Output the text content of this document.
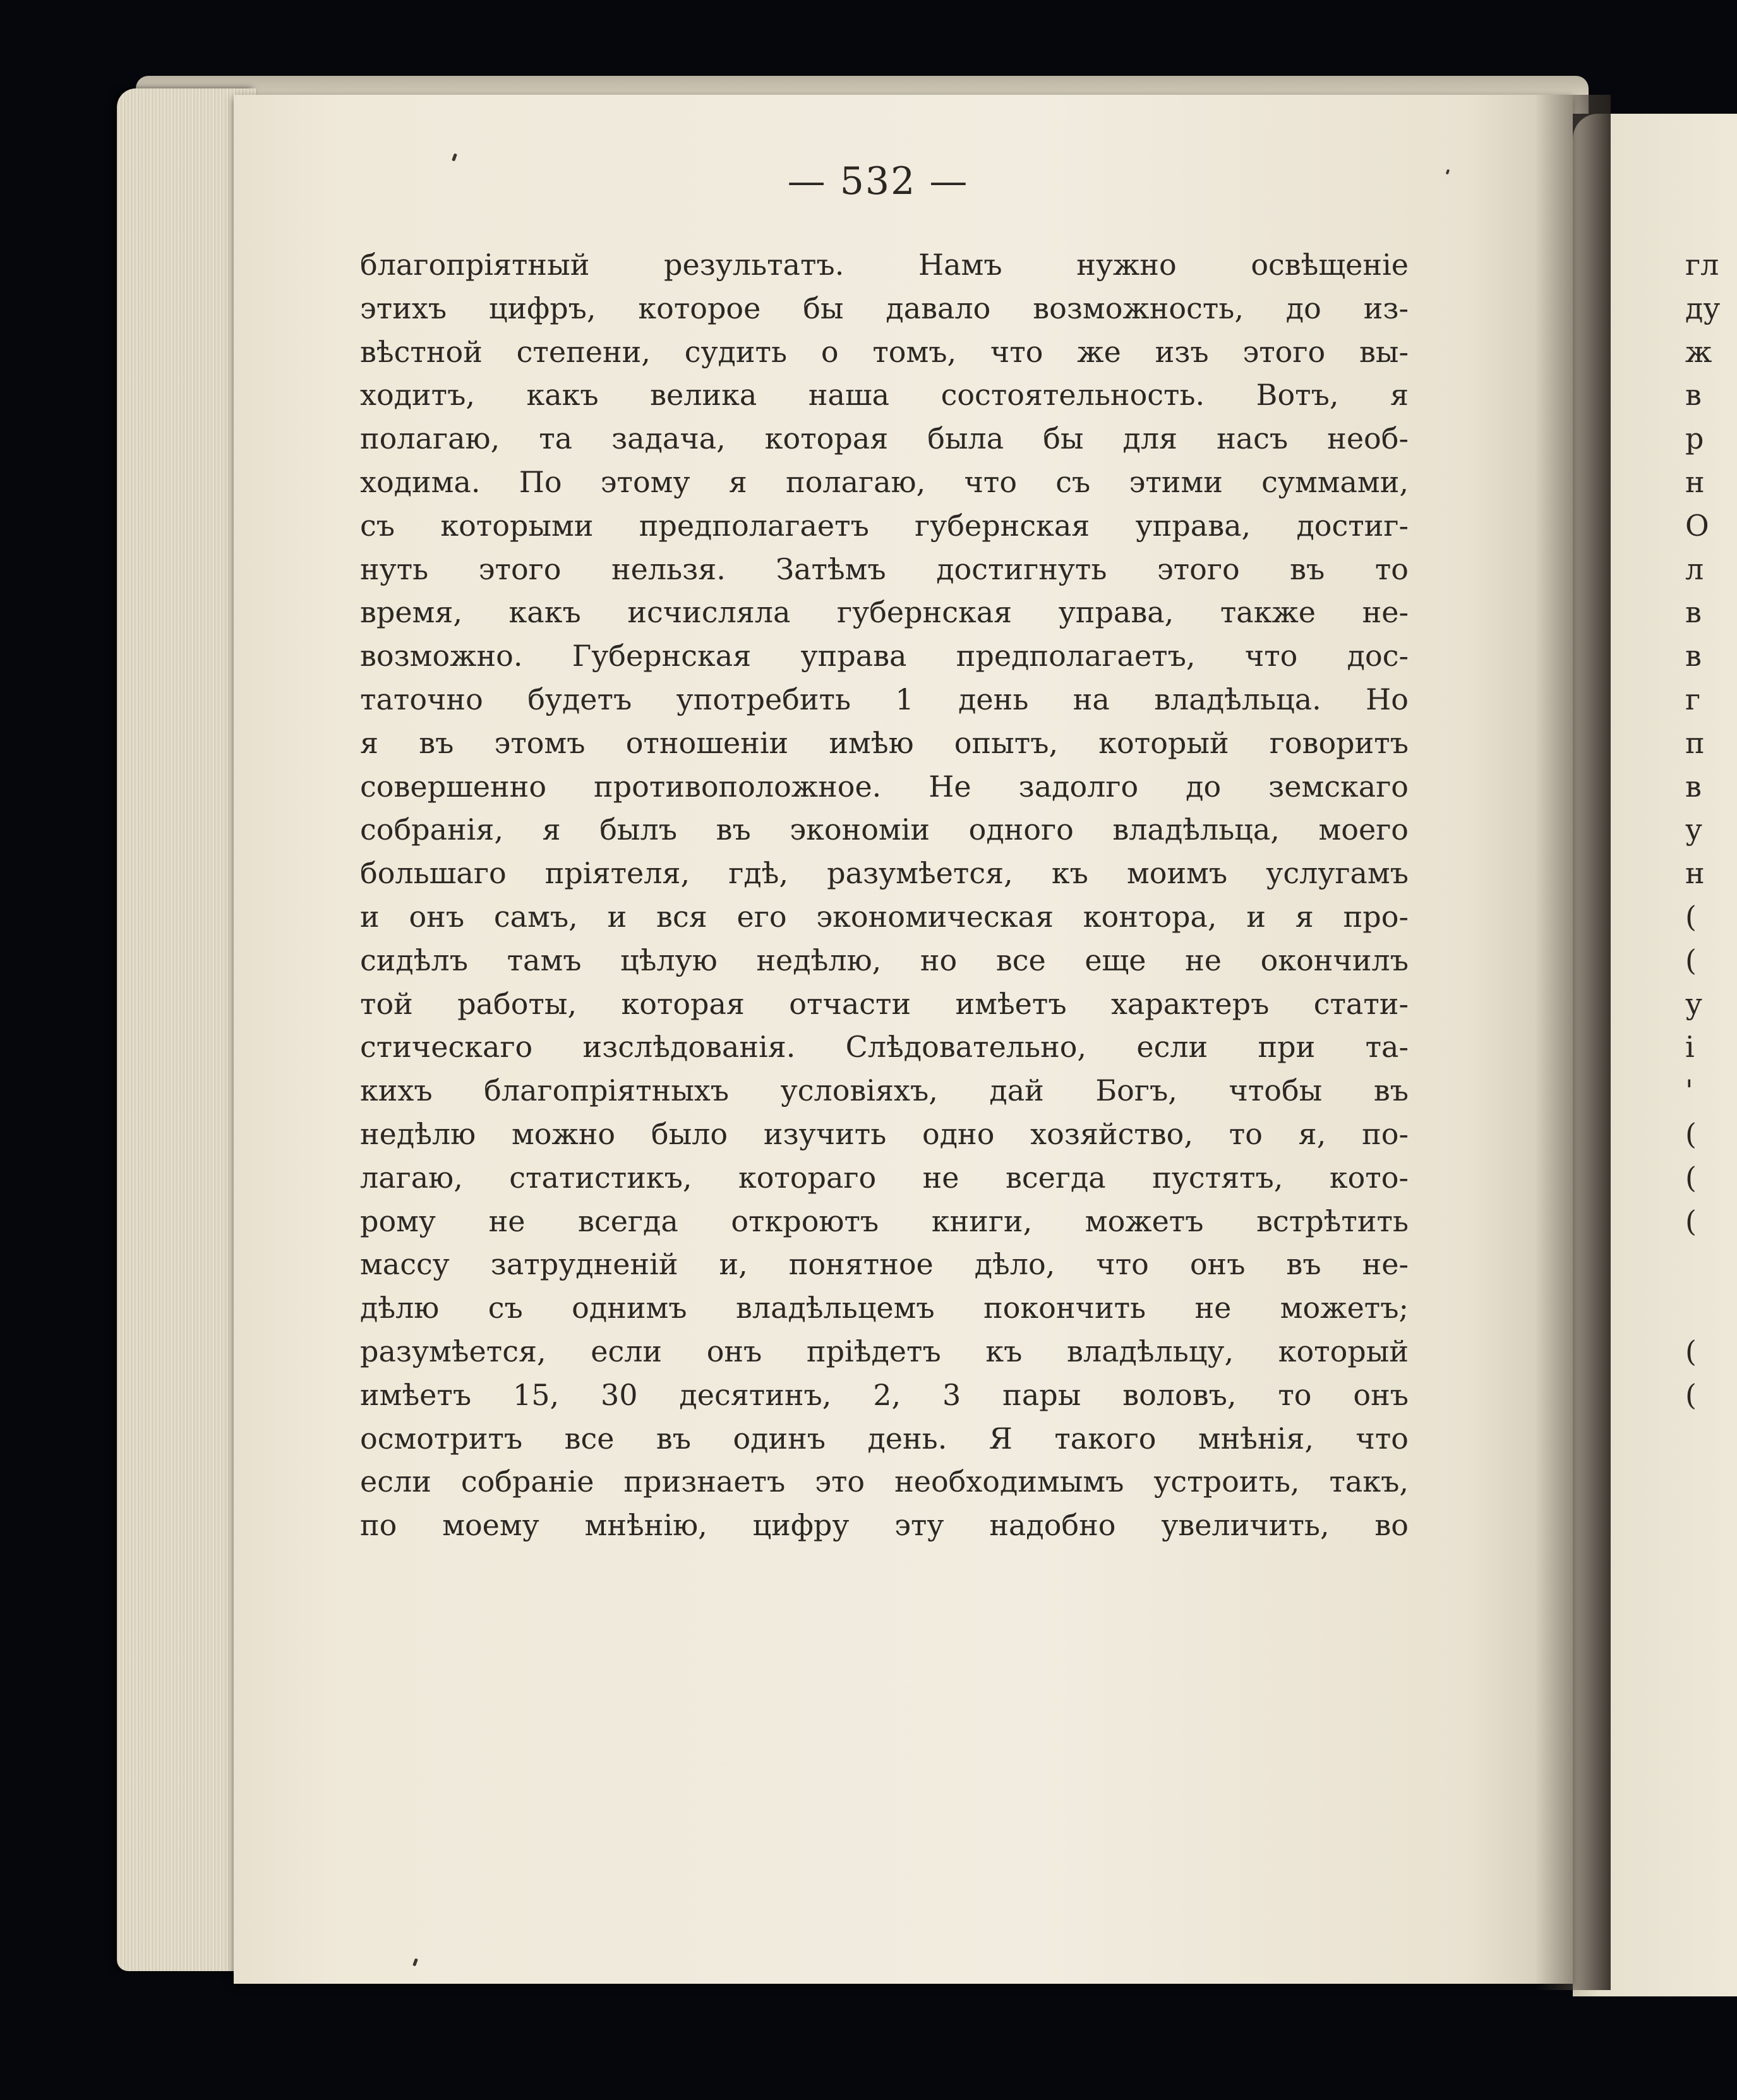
— 532 —
благопріятный результатъ. Намъ нужно освѣщеніе
этихъ цифръ, которое бы давало возможность, до из-
вѣстной степени, судить о томъ, что же изъ этого вы-
ходитъ, какъ велика наша состоятельность. Вотъ, я
полагаю, та задача, которая была бы для насъ необ-
ходима. По этому я полагаю, что съ этими суммами,
съ которыми предполагаетъ губернская управа, достиг-
нуть этого нельзя. Затѣмъ достигнуть этого въ то
время, какъ исчисляла губернская управа, также не-
возможно. Губернская управа предполагаетъ, что дос-
таточно будетъ употребить 1 день на владѣльца. Но
я въ этомъ отношеніи имѣю опытъ, который говоритъ
совершенно противоположное. Не задолго до земскаго
собранія, я былъ въ экономіи одного владѣльца, моего
большаго пріятеля, гдѣ, разумѣется, къ моимъ услугамъ
и онъ самъ, и вся его экономическая контора, и я про-
сидѣлъ тамъ цѣлую недѣлю, но все еще не окончилъ
той работы, которая отчасти имѣетъ характеръ стати-
стическаго изслѣдованія. Слѣдовательно, если при та-
кихъ благопріятныхъ условіяхъ, дай Богъ, чтобы въ
недѣлю можно было изучить одно хозяйство, то я, по-
лагаю, статистикъ, котораго не всегда пустятъ, кото-
рому не всегда откроютъ книги, можетъ встрѣтить
массу затрудненій и, понятное дѣло, что онъ въ не-
дѣлю съ однимъ владѣльцемъ покончить не можетъ;
разумѣется, если онъ пріѣдетъ къ владѣльцу, который
имѣетъ 15, 30 десятинъ, 2, 3 пары воловъ, то онъ
осмотритъ все въ одинъ день. Я такого мнѣнія, что
если собраніе признаетъ это необходимымъ устроить, такъ,
по моему мнѣнію, цифру эту надобно увеличить, во
гл
ду
ж
в
р
н
О
л
в
в
г
п
в
у
н
(
(
у
і
'
(
(
(
(
(
